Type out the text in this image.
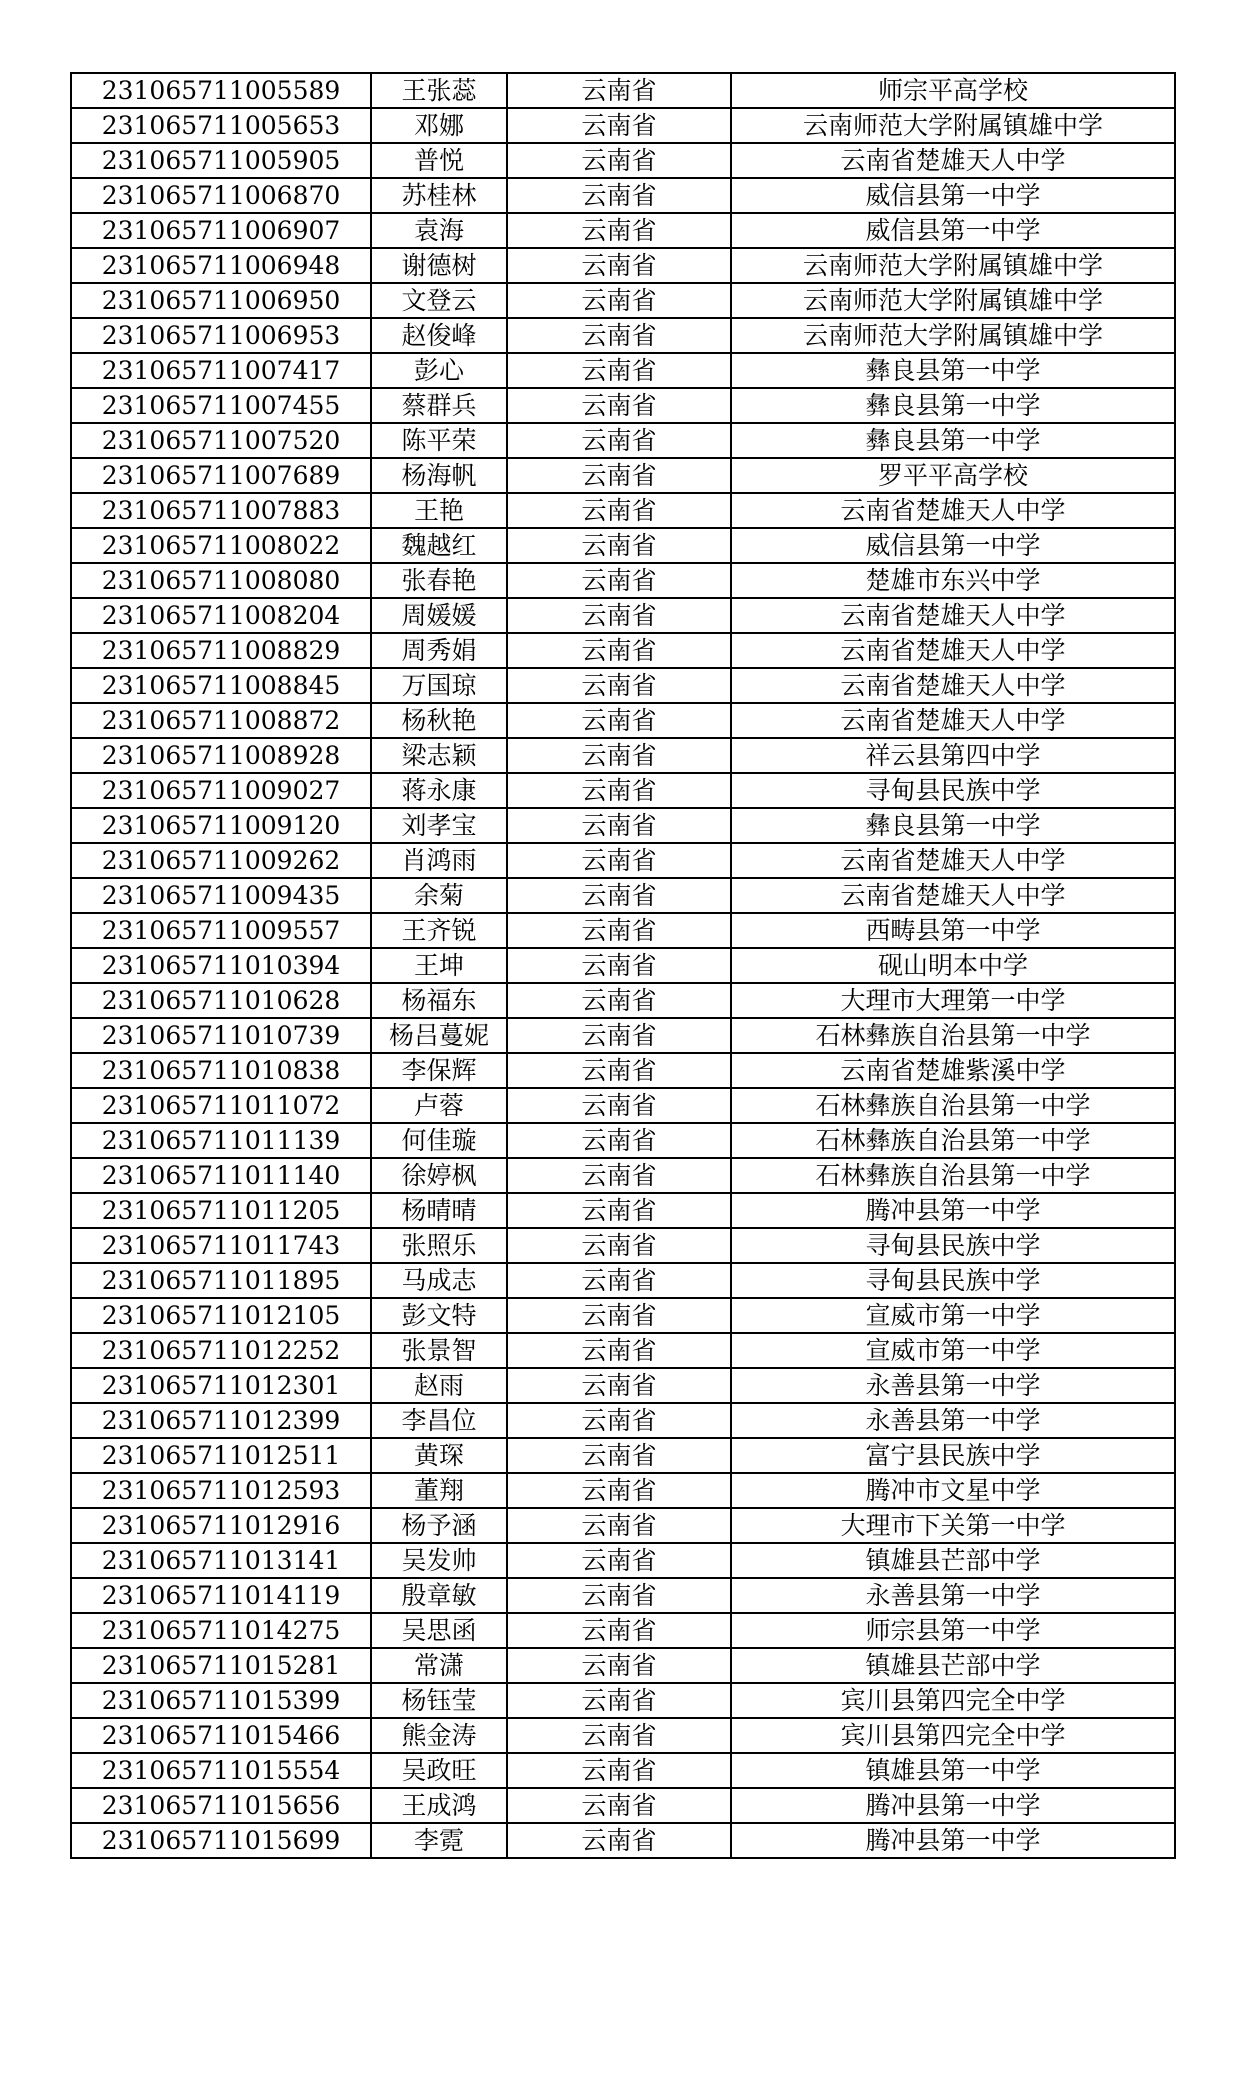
231065711005589	王张蕊	云南省	师宗平高学校
231065711005653	邓娜	云南省	云南师范大学附属镇雄中学
231065711005905	普悦	云南省	云南省楚雄天人中学
231065711006870	苏桂林	云南省	威信县第一中学
231065711006907	袁海	云南省	威信县第一中学
231065711006948	谢德树	云南省	云南师范大学附属镇雄中学
231065711006950	文登云	云南省	云南师范大学附属镇雄中学
231065711006953	赵俊峰	云南省	云南师范大学附属镇雄中学
231065711007417	彭心	云南省	彝良县第一中学
231065711007455	蔡群兵	云南省	彝良县第一中学
231065711007520	陈平荣	云南省	彝良县第一中学
231065711007689	杨海帆	云南省	罗平平高学校
231065711007883	王艳	云南省	云南省楚雄天人中学
231065711008022	魏越红	云南省	威信县第一中学
231065711008080	张春艳	云南省	楚雄市东兴中学
231065711008204	周媛媛	云南省	云南省楚雄天人中学
231065711008829	周秀娟	云南省	云南省楚雄天人中学
231065711008845	万国琼	云南省	云南省楚雄天人中学
231065711008872	杨秋艳	云南省	云南省楚雄天人中学
231065711008928	梁志颖	云南省	祥云县第四中学
231065711009027	蒋永康	云南省	寻甸县民族中学
231065711009120	刘孝宝	云南省	彝良县第一中学
231065711009262	肖鸿雨	云南省	云南省楚雄天人中学
231065711009435	余菊	云南省	云南省楚雄天人中学
231065711009557	王齐锐	云南省	西畴县第一中学
231065711010394	王坤	云南省	砚山明本中学
231065711010628	杨福东	云南省	大理市大理第一中学
231065711010739	杨吕蔓妮	云南省	石林彝族自治县第一中学
231065711010838	李保辉	云南省	云南省楚雄紫溪中学
231065711011072	卢蓉	云南省	石林彝族自治县第一中学
231065711011139	何佳璇	云南省	石林彝族自治县第一中学
231065711011140	徐婷枫	云南省	石林彝族自治县第一中学
231065711011205	杨晴晴	云南省	腾冲县第一中学
231065711011743	张照乐	云南省	寻甸县民族中学
231065711011895	马成志	云南省	寻甸县民族中学
231065711012105	彭文特	云南省	宣威市第一中学
231065711012252	张景智	云南省	宣威市第一中学
231065711012301	赵雨	云南省	永善县第一中学
231065711012399	李昌位	云南省	永善县第一中学
231065711012511	黄琛	云南省	富宁县民族中学
231065711012593	董翔	云南省	腾冲市文星中学
231065711012916	杨予涵	云南省	大理市下关第一中学
231065711013141	吴发帅	云南省	镇雄县芒部中学
231065711014119	殷章敏	云南省	永善县第一中学
231065711014275	吴思函	云南省	师宗县第一中学
231065711015281	常潇	云南省	镇雄县芒部中学
231065711015399	杨钰莹	云南省	宾川县第四完全中学
231065711015466	熊金涛	云南省	宾川县第四完全中学
231065711015554	吴政旺	云南省	镇雄县第一中学
231065711015656	王成鸿	云南省	腾冲县第一中学
231065711015699	李霓	云南省	腾冲县第一中学
